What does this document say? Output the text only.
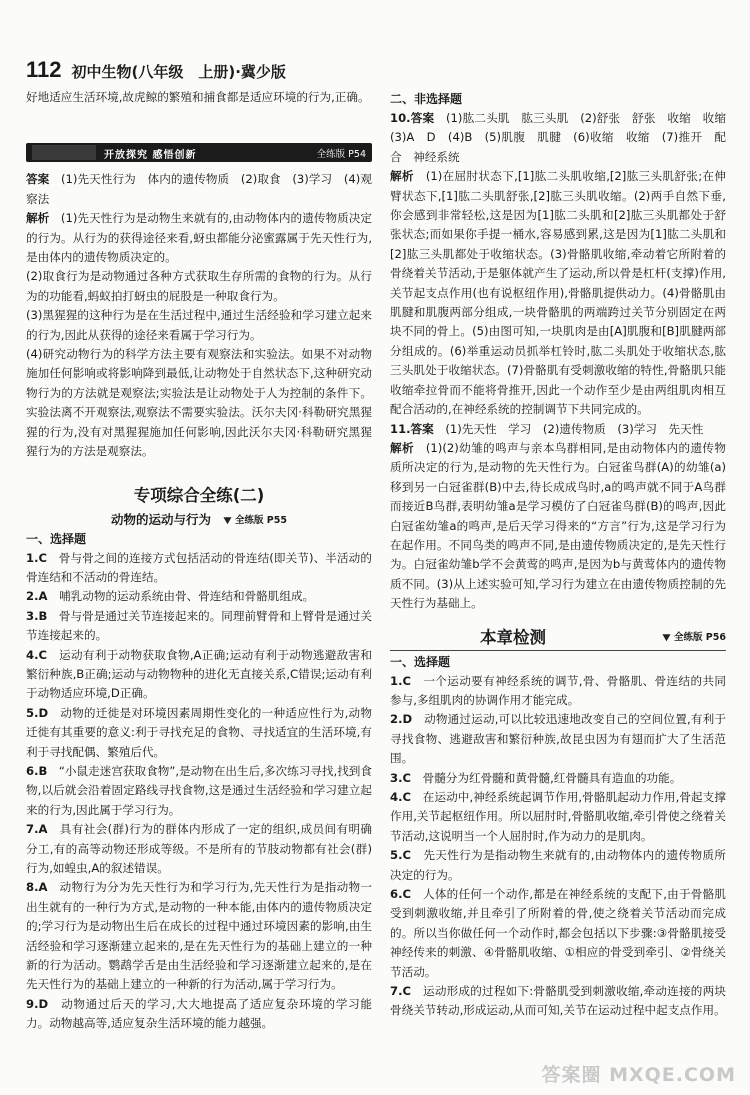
112 初中生物(八年级　上册)·冀少版

好地适应生活环境,故虎鲸的繁殖和捕食都是适应环境的行为,正确。

开放探究 感悟创新	全练版 P54

答案　 (1)先天性行为　体内的遗传物质　(2)取食　(3)学习　(4)观察法

解析　 (1)先天性行为是动物生来就有的,由动物体内的遗传物质决定的行为。从行为的获得途径来看,蚜虫都能分泌蜜露属于先天性行为,是由体内的遗传物质决定的。

(2)取食行为是动物通过各种方式获取生存所需的食物的行为。从行为的功能看,蚂蚁拍打蚜虫的屁股是一种取食行为。

(3)黑猩猩的这种行为是在生活过程中,通过生活经验和学习建立起来的行为,因此从获得的途径来看属于学习行为。

(4)研究动物行为的科学方法主要有观察法和实验法。如果不对动物施加任何影响或将影响降到最低,让动物处于自然状态下,这种研究动物行为的方法就是观察法;实验法是让动物处于人为控制的条件下。实验法离不开观察法,观察法不需要实验法。沃尔夫冈·科勒研究黑猩猩的行为,没有对黑猩猩施加任何影响,因此沃尔夫冈·科勒研究黑猩猩行为的方法是观察法。

专项综合全练(二)
动物的运动与行为	全练版 P55
一、选择题

1.C　 骨与骨之间的连接方式包括活动的骨连结(即关节)、半活动的骨连结和不活动的骨连结。

2.A　 哺乳动物的运动系统由骨、骨连结和骨骼肌组成。

3.B　 骨与骨是通过关节连接起来的。同理前臂骨和上臂骨是通过关节连接起来的。

4.C　 运动有利于动物获取食物,A正确;运动有利于动物逃避敌害和繁衍种族,B正确;运动与动物物种的进化无直接关系,C错误;运动有利于动物适应环境,D正确。

5.D　 动物的迁徙是对环境因素周期性变化的一种适应性行为,动物迁徙有其重要的意义:利于寻找充足的食物、寻找适宜的生活环境,有利于寻找配偶、繁殖后代。

6.B　 “小鼠走迷宫获取食物”,是动物在出生后,多次练习寻找,找到食物,以后就会沿着固定路线寻找食物,这是通过生活经验和学习建立起来的行为,因此属于学习行为。

7.A　 具有社会(群)行为的群体内形成了一定的组织,成员间有明确分工,有的高等动物还形成等级。不是所有的节肢动物都有社会(群)行为,如蝗虫,A的叙述错误。

8.A　 动物行为分为先天性行为和学习行为,先天性行为是指动物一出生就有的一种行为方式,是动物的一种本能,由体内的遗传物质决定的;学习行为是动物出生后在成长的过程中通过环境因素的影响,由生活经验和学习逐渐建立起来的,是在先天性行为的基础上建立的一种新的行为活动。鹦鹉学舌是由生活经验和学习逐渐建立起来的,是在先天性行为的基础上建立的一种新的行为活动,属于学习行为。

9.D　 动物通过后天的学习,大大地提高了适应复杂环境的学习能力。动物越高等,适应复杂生活环境的能力越强。

二、非选择题

10.答案　 (1)肱二头肌　肱三头肌　(2)舒张　舒张　收缩　收缩　(3)A　D　(4)B　(5)肌腹　肌腱　(6)收缩　收缩　(7)推开　配合　神经系统

解析　 (1)在屈肘状态下,[1]肱二头肌收缩,[2]肱三头肌舒张;在伸臂状态下,[1]肱二头肌舒张,[2]肱三头肌收缩。(2)两手自然下垂,你会感到非常轻松,这是因为[1]肱二头肌和[2]肱三头肌都处于舒张状态;而如果你手提一桶水,容易感到累,这是因为[1]肱二头肌和[2]肱三头肌都处于收缩状态。(3)骨骼肌收缩,牵动着它所附着的骨绕着关节活动,于是躯体就产生了运动,所以骨是杠杆(支撑)作用,关节起支点作用(也有说枢纽作用),骨骼肌提供动力。(4)骨骼肌由肌腱和肌腹两部分组成,一块骨骼肌的两端跨过关节分别固定在两块不同的骨上。(5)由图可知,一块肌肉是由[A]肌腹和[B]肌腱两部分组成的。(6)举重运动员抓举杠铃时,肱二头肌处于收缩状态,肱三头肌处于收缩状态。(7)骨骼肌有受刺激收缩的特性,骨骼肌只能收缩牵拉骨而不能将骨推开,因此一个动作至少是由两组肌肉相互配合活动的,在神经系统的控制调节下共同完成的。

11.答案　 (1)先天性　学习　(2)遗传物质　(3)学习　先天性

解析　 (1)(2)幼雏的鸣声与亲本鸟群相同,是由动物体内的遗传物质所决定的行为,是动物的先天性行为。白冠雀鸟群(A)的幼雏(a)移到另一白冠雀群(B)中去,待长成成鸟时,a的鸣声就不同于A鸟群而接近B鸟群,表明幼雏a是学习模仿了白冠雀鸟群(B)的鸣声,因此白冠雀幼雏a的鸣声,是后天学习得来的“方言”行为,这是学习行为在起作用。不同鸟类的鸣声不同,是由遗传物质决定的,是先天性行为。白冠雀幼雏b学不会黄莺的鸣声,是因为b与黄莺体内的遗传物质不同。(3)从上述实验可知,学习行为建立在由遗传物质控制的先天性行为基础上。

本章检测	全练版 P56
一、选择题

1.C　 一个运动要有神经系统的调节,骨、骨骼肌、骨连结的共同参与,多组肌肉的协调作用才能完成。

2.D　 动物通过运动,可以比较迅速地改变自己的空间位置,有利于寻找食物、逃避敌害和繁衍种族,故昆虫因为有翅而扩大了生活范围。

3.C　 骨髓分为红骨髓和黄骨髓,红骨髓具有造血的功能。

4.C　 在运动中,神经系统起调节作用,骨骼肌起动力作用,骨起支撑作用,关节起枢纽作用。所以屈肘时,骨骼肌收缩,牵引骨使之绕着关节活动,这说明当一个人屈肘时,作为动力的是肌肉。

5.C　 先天性行为是指动物生来就有的,由动物体内的遗传物质所决定的行为。

6.C　 人体的任何一个动作,都是在神经系统的支配下,由于骨骼肌受到刺激收缩,并且牵引了所附着的骨,使之绕着关节活动而完成的。所以当你做任何一个动作时,都会包括以下步骤:③骨骼肌接受神经传来的刺激、④骨骼肌收缩、①相应的骨受到牵引、②骨绕关节活动。

7.C　 运动形成的过程如下:骨骼肌受到刺激收缩,牵动连接的两块骨绕关节转动,形成运动,从而可知,关节在运动过程中起支点作用。

答案圈 MXQE.COM
